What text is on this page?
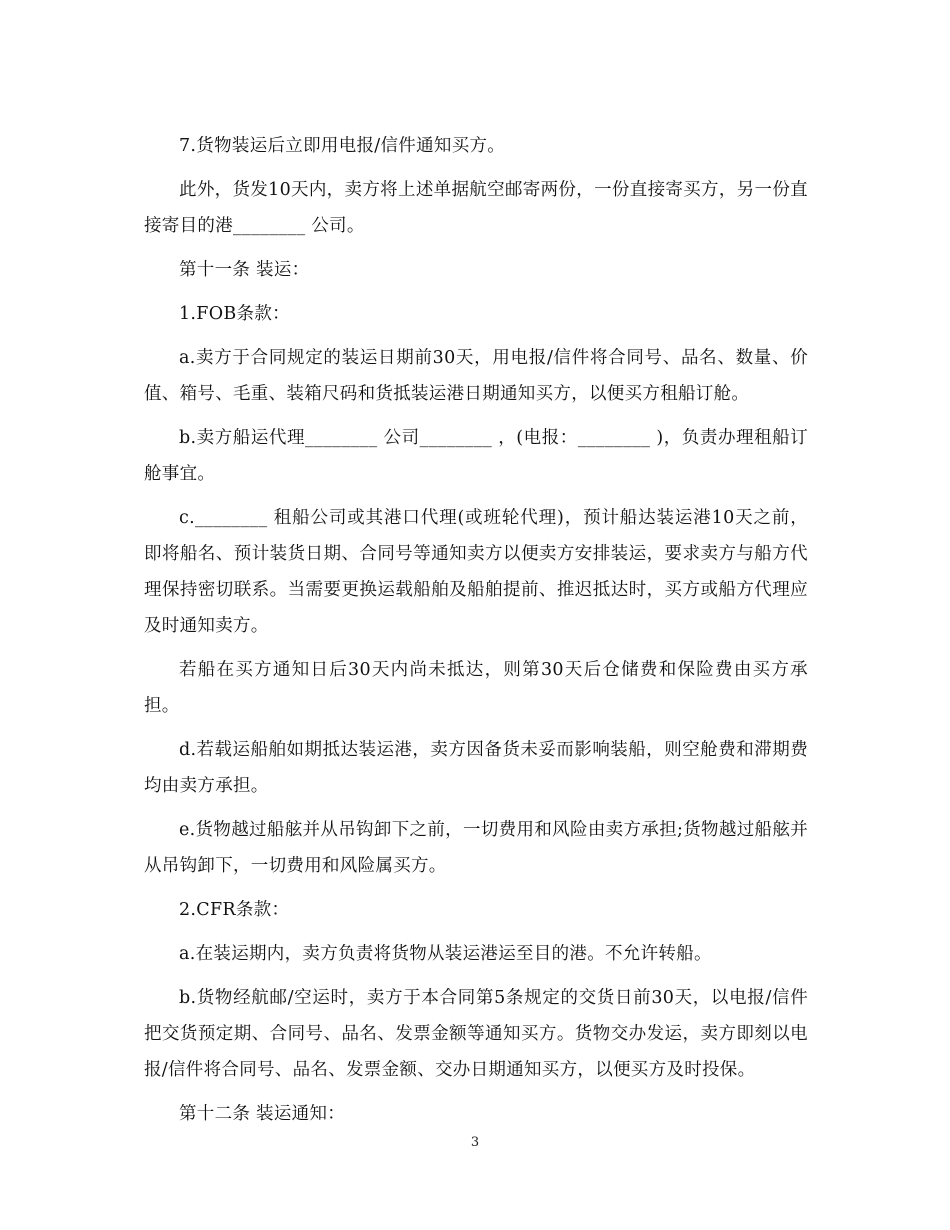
7.货物装运后立即用电报/信件通知买方。

此外，货发10天内，卖方将上述单据航空邮寄两份，一份直接寄买方，另一份直接寄目的港________ 公司。

第十一条 装运：

1.FOB条款：

a.卖方于合同规定的装运日期前30天，用电报/信件将合同号、品名、数量、价值、箱号、毛重、装箱尺码和货抵装运港日期通知买方，以便买方租船订舱。

b.卖方船运代理________ 公司________ ，(电报：________ )，负责办理租船订舱事宜。

c.________ 租船公司或其港口代理(或班轮代理)，预计船达装运港10天之前，即将船名、预计装货日期、合同号等通知卖方以便卖方安排装运，要求卖方与船方代理保持密切联系。当需要更换运载船舶及船舶提前、推迟抵达时，买方或船方代理应及时通知卖方。

若船在买方通知日后30天内尚未抵达，则第30天后仓储费和保险费由买方承担。

d.若载运船舶如期抵达装运港，卖方因备货未妥而影响装船，则空舱费和滞期费均由卖方承担。

e.货物越过船舷并从吊钩卸下之前，一切费用和风险由卖方承担;货物越过船舷并从吊钩卸下，一切费用和风险属买方。

2.CFR条款：

a.在装运期内，卖方负责将货物从装运港运至目的港。不允许转船。

b.货物经航邮/空运时，卖方于本合同第5条规定的交货日前30天，以电报/信件把交货预定期、合同号、品名、发票金额等通知买方。货物交办发运，卖方即刻以电报/信件将合同号、品名、发票金额、交办日期通知买方，以便买方及时投保。

第十二条 装运通知：

3
